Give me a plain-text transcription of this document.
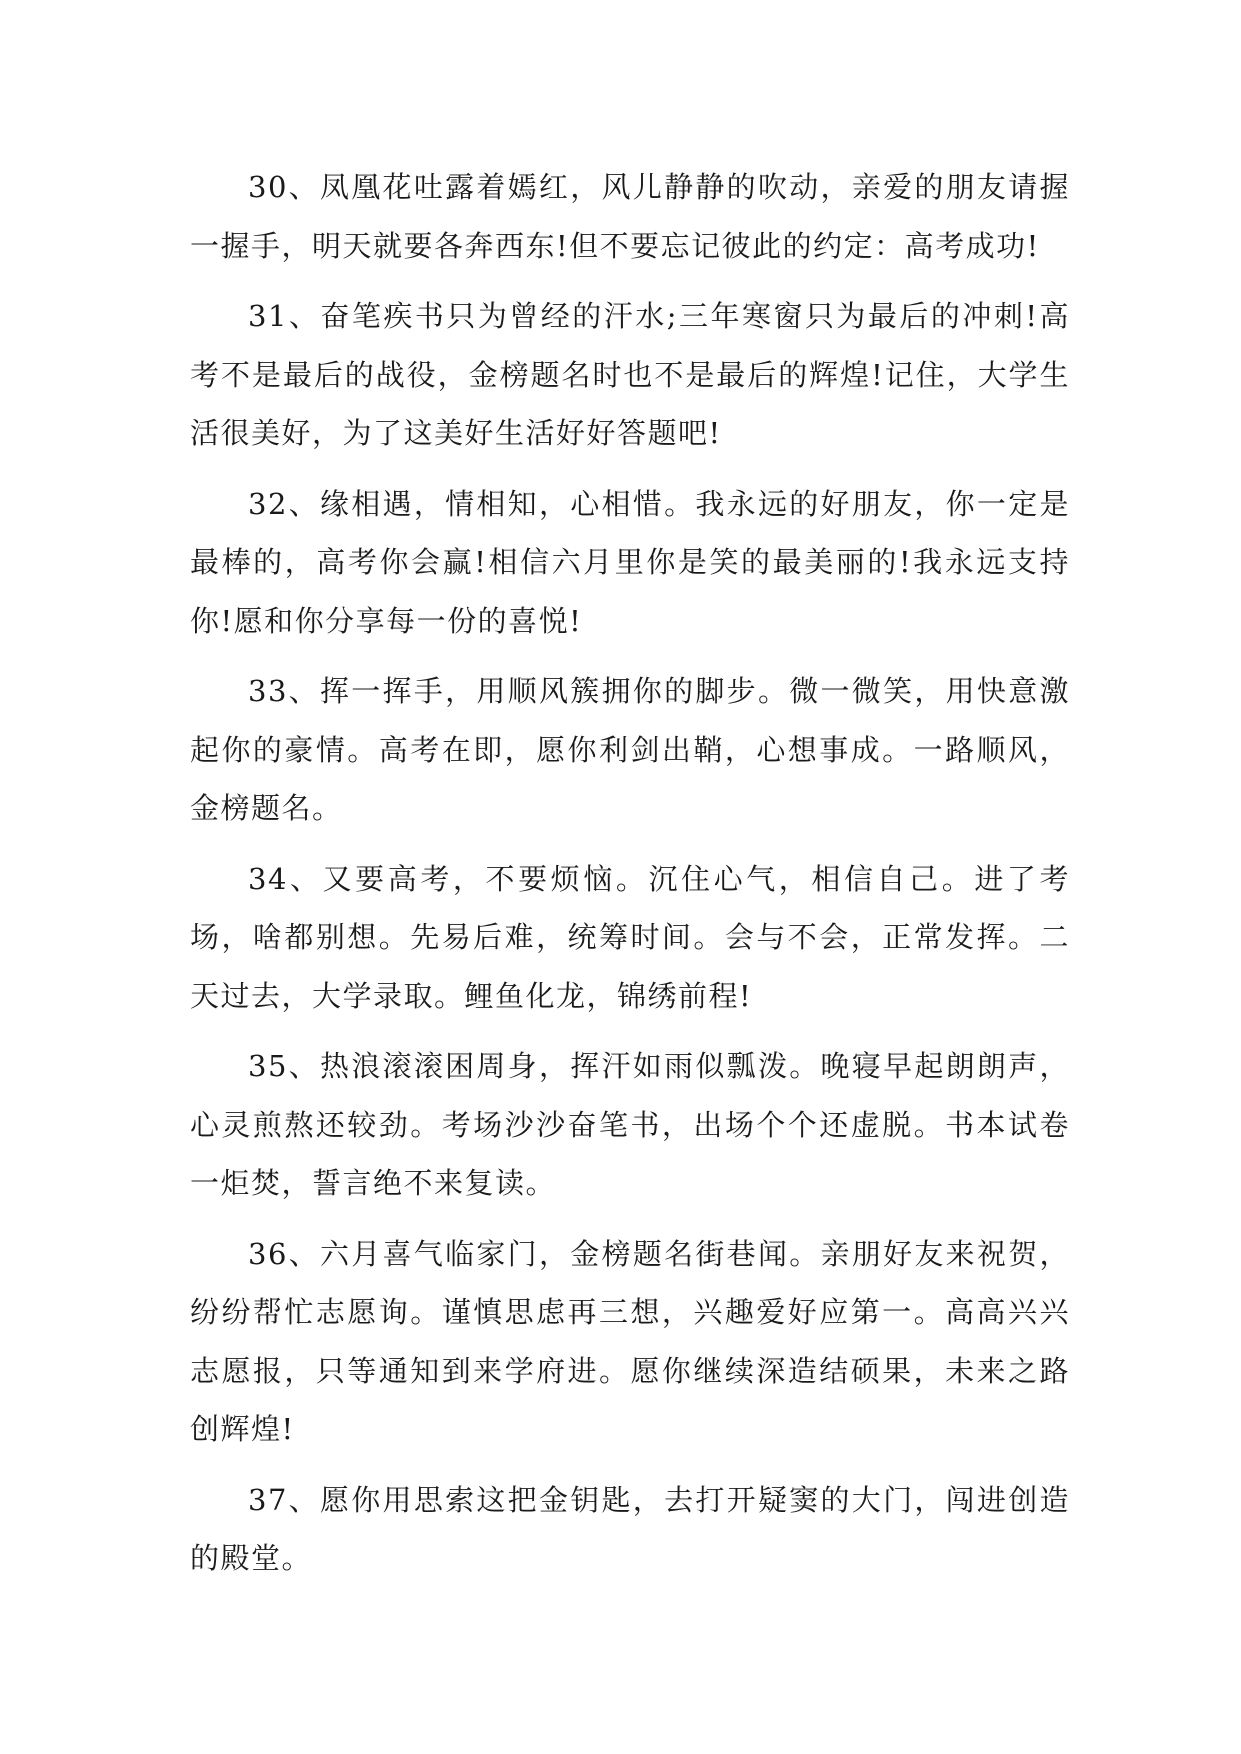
30、凤凰花吐露着嫣红，风儿静静的吹动，亲爱的朋友请握一握手，明天就要各奔西东!但不要忘记彼此的约定：高考成功!

31、奋笔疾书只为曾经的汗水;三年寒窗只为最后的冲刺!高考不是最后的战役，金榜题名时也不是最后的辉煌!记住，大学生活很美好，为了这美好生活好好答题吧!

32、缘相遇，情相知，心相惜。我永远的好朋友，你一定是最棒的，高考你会赢!相信六月里你是笑的最美丽的!我永远支持你!愿和你分享每一份的喜悦!

33、挥一挥手，用顺风簇拥你的脚步。微一微笑，用快意激起你的豪情。高考在即，愿你利剑出鞘，心想事成。一路顺风，金榜题名。

34、又要高考，不要烦恼。沉住心气，相信自己。进了考场，啥都别想。先易后难，统筹时间。会与不会，正常发挥。二天过去，大学录取。鲤鱼化龙，锦绣前程!

35、热浪滚滚困周身，挥汗如雨似瓢泼。晚寝早起朗朗声，心灵煎熬还较劲。考场沙沙奋笔书，出场个个还虚脱。书本试卷一炬焚，誓言绝不来复读。

36、六月喜气临家门，金榜题名街巷闻。亲朋好友来祝贺，纷纷帮忙志愿询。谨慎思虑再三想，兴趣爱好应第一。高高兴兴志愿报，只等通知到来学府进。愿你继续深造结硕果，未来之路创辉煌!

37、愿你用思索这把金钥匙，去打开疑窦的大门，闯进创造的殿堂。
